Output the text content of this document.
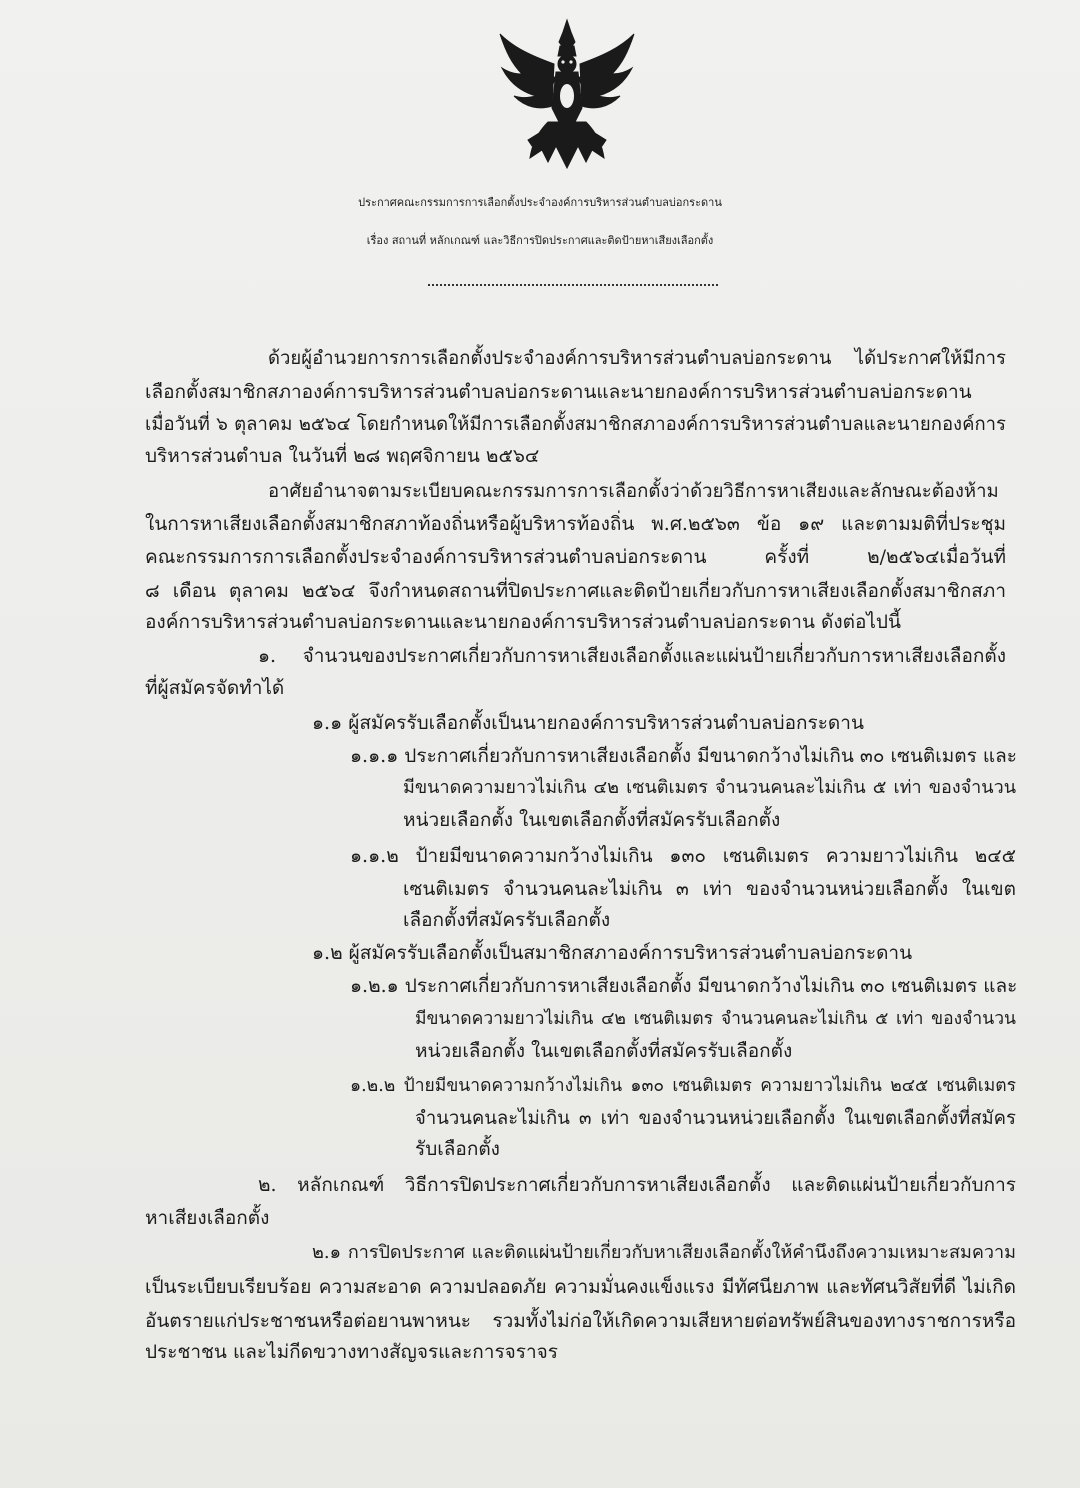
ประกาศคณะกรรมการการเลือกตั้งประจำองค์การบริหารส่วนตำบลบ่อกระดาน
เรื่อง สถานที่ หลักเกณฑ์ และวิธีการปิดประกาศและติดป้ายหาเสียงเลือกตั้ง
ด้วยผู้อำนวยการการเลือกตั้งประจำองค์การบริหารส่วนตำบลบ่อกระดาน ได้ประกาศให้มีการ
เลือกตั้งสมาชิกสภาองค์การบริหารส่วนตำบลบ่อกระดานและนายกองค์การบริหารส่วนตำบลบ่อกระดาน
เมื่อวันที่ ๖ ตุลาคม ๒๕๖๔ โดยกำหนดให้มีการเลือกตั้งสมาชิกสภาองค์การบริหารส่วนตำบลและนายกองค์การ
บริหารส่วนตำบล ในวันที่ ๒๘ พฤศจิกายน ๒๕๖๔
อาศัยอำนาจตามระเบียบคณะกรรมการการเลือกตั้งว่าด้วยวิธีการหาเสียงและลักษณะต้องห้าม
ในการหาเสียงเลือกตั้งสมาชิกสภาท้องถิ่นหรือผู้บริหารท้องถิ่น พ.ศ.๒๕๖๓ ข้อ ๑๙ และตามมติที่ประชุม
คณะกรรมการการเลือกตั้งประจำองค์การบริหารส่วนตำบลบ่อกระดาน ครั้งที่ ๒/๒๕๖๔เมื่อวันที่
๘ เดือน ตุลาคม ๒๕๖๔ จึงกำหนดสถานที่ปิดประกาศและติดป้ายเกี่ยวกับการหาเสียงเลือกตั้งสมาชิกสภา
องค์การบริหารส่วนตำบลบ่อกระดานและนายกองค์การบริหารส่วนตำบลบ่อกระดาน ดังต่อไปนี้
๑. จำนวนของประกาศเกี่ยวกับการหาเสียงเลือกตั้งและแผ่นป้ายเกี่ยวกับการหาเสียงเลือกตั้ง
ที่ผู้สมัครจัดทำได้
๑.๑ ผู้สมัครรับเลือกตั้งเป็นนายกองค์การบริหารส่วนตำบลบ่อกระดาน
๑.๑.๑ ประกาศเกี่ยวกับการหาเสียงเลือกตั้ง มีขนาดกว้างไม่เกิน ๓๐ เซนติเมตร และ
มีขนาดความยาวไม่เกิน ๔๒ เซนติเมตร จำนวนคนละไม่เกิน ๕ เท่า ของจำนวน
หน่วยเลือกตั้ง ในเขตเลือกตั้งที่สมัครรับเลือกตั้ง
๑.๑.๒ ป้ายมีขนาดความกว้างไม่เกิน ๑๓๐ เซนติเมตร ความยาวไม่เกิน ๒๔๕
เซนติเมตร จำนวนคนละไม่เกิน ๓ เท่า ของจำนวนหน่วยเลือกตั้ง ในเขต
เลือกตั้งที่สมัครรับเลือกตั้ง
๑.๒ ผู้สมัครรับเลือกตั้งเป็นสมาชิกสภาองค์การบริหารส่วนตำบลบ่อกระดาน
๑.๒.๑ ประกาศเกี่ยวกับการหาเสียงเลือกตั้ง มีขนาดกว้างไม่เกิน ๓๐ เซนติเมตร และ
มีขนาดความยาวไม่เกิน ๔๒ เซนติเมตร จำนวนคนละไม่เกิน ๕ เท่า ของจำนวน
หน่วยเลือกตั้ง ในเขตเลือกตั้งที่สมัครรับเลือกตั้ง
๑.๒.๒ ป้ายมีขนาดความกว้างไม่เกิน ๑๓๐ เซนติเมตร ความยาวไม่เกิน ๒๔๕ เซนติเมตร
จำนวนคนละไม่เกิน ๓ เท่า ของจำนวนหน่วยเลือกตั้ง ในเขตเลือกตั้งที่สมัคร
รับเลือกตั้ง
๒. หลักเกณฑ์ วิธีการปิดประกาศเกี่ยวกับการหาเสียงเลือกตั้ง และติดแผ่นป้ายเกี่ยวกับการ
หาเสียงเลือกตั้ง
๒.๑ การปิดประกาศ และติดแผ่นป้ายเกี่ยวกับหาเสียงเลือกตั้งให้คำนึงถึงความเหมาะสมความ
เป็นระเบียบเรียบร้อย ความสะอาด ความปลอดภัย ความมั่นคงแข็งแรง มีทัศนียภาพ และทัศนวิสัยที่ดี ไม่เกิด
อันตรายแก่ประชาชนหรือต่อยานพาหนะ รวมทั้งไม่ก่อให้เกิดความเสียหายต่อทรัพย์สินของทางราชการหรือ
ประชาชน และไม่กีดขวางทางสัญจรและการจราจร
